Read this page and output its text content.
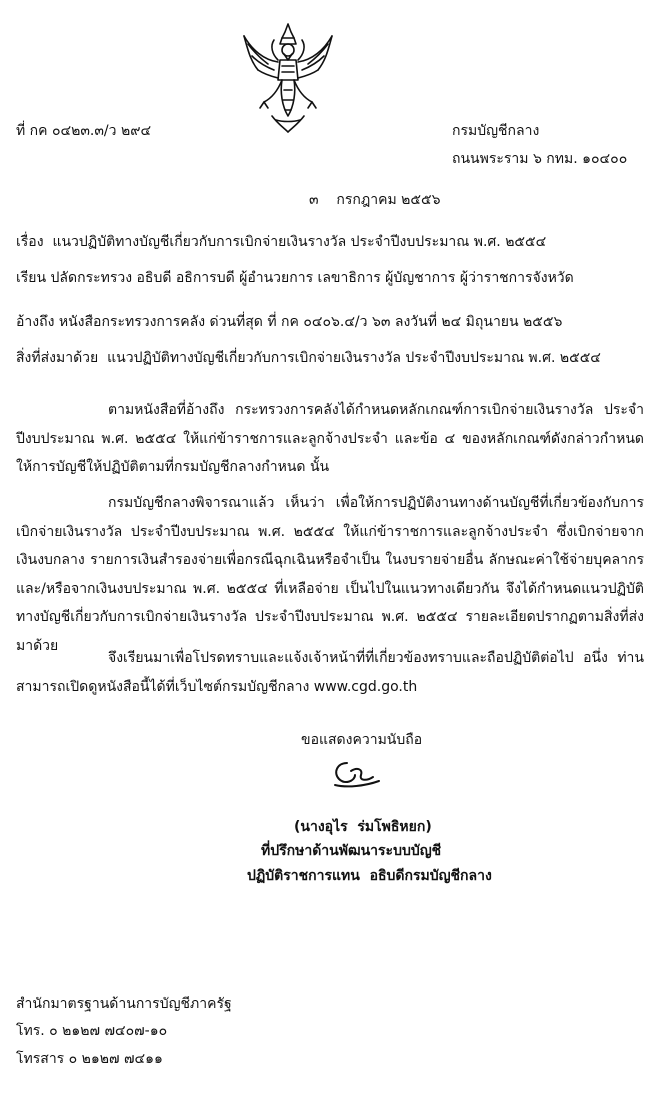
ที่ กค ๐๔๒๓.๓/ว ๒๙๔	กรมบัญชีกลาง
ถนนพระราม ๖ กทม. ๑๐๔๐๐
๓    กรกฎาคม ๒๕๕๖
เรื่อง  แนวปฏิบัติทางบัญชีเกี่ยวกับการเบิกจ่ายเงินรางวัล ประจำปีงบประมาณ พ.ศ. ๒๕๕๔
เรียน ปลัดกระทรวง อธิบดี อธิการบดี ผู้อำนวยการ เลขาธิการ ผู้บัญชาการ ผู้ว่าราชการจังหวัด
อ้างถึง หนังสือกระทรวงการคลัง ด่วนที่สุด ที่ กค ๐๔๐๖.๔/ว ๖๓ ลงวันที่ ๒๔ มิถุนายน ๒๕๕๖
สิ่งที่ส่งมาด้วย  แนวปฏิบัติทางบัญชีเกี่ยวกับการเบิกจ่ายเงินรางวัล ประจำปีงบประมาณ พ.ศ. ๒๕๕๔
ตามหนังสือที่อ้างถึง กระทรวงการคลังได้กำหนดหลักเกณฑ์การเบิกจ่ายเงินรางวัล ประจำปีงบประมาณ พ.ศ. ๒๕๕๔ ให้แก่ข้าราชการและลูกจ้างประจำ และข้อ ๔ ของหลักเกณฑ์ดังกล่าวกำหนดให้การบัญชีให้ปฏิบัติตามที่กรมบัญชีกลางกำหนด นั้น
กรมบัญชีกลางพิจารณาแล้ว เห็นว่า เพื่อให้การปฏิบัติงานทางด้านบัญชีที่เกี่ยวข้องกับการเบิกจ่ายเงินรางวัล ประจำปีงบประมาณ พ.ศ. ๒๕๕๔ ให้แก่ข้าราชการและลูกจ้างประจำ ซึ่งเบิกจ่ายจากเงินงบกลาง รายการเงินสำรองจ่ายเพื่อกรณีฉุกเฉินหรือจำเป็น ในงบรายจ่ายอื่น ลักษณะค่าใช้จ่ายบุคลากร และ/หรือจากเงินงบประมาณ พ.ศ. ๒๕๕๔ ที่เหลือจ่าย เป็นไปในแนวทางเดียวกัน จึงได้กำหนดแนวปฏิบัติทางบัญชีเกี่ยวกับการเบิกจ่ายเงินรางวัล ประจำปีงบประมาณ พ.ศ. ๒๕๕๔ รายละเอียดปรากฏตามสิ่งที่ส่งมาด้วย
จึงเรียนมาเพื่อโปรดทราบและแจ้งเจ้าหน้าที่ที่เกี่ยวข้องทราบและถือปฏิบัติต่อไป อนึ่ง ท่านสามารถเปิดดูหนังสือนี้ได้ที่เว็บไซต์กรมบัญชีกลาง www.cgd.go.th
ขอแสดงความนับถือ
(นางอุไร  ร่มโพธิหยก)
ที่ปรึกษาด้านพัฒนาระบบบัญชี
ปฏิบัติราชการแทน  อธิบดีกรมบัญชีกลาง
สำนักมาตรฐานด้านการบัญชีภาครัฐ
โทร. ๐ ๒๑๒๗ ๗๔๐๗-๑๐
โทรสาร ๐ ๒๑๒๗ ๗๔๑๑
